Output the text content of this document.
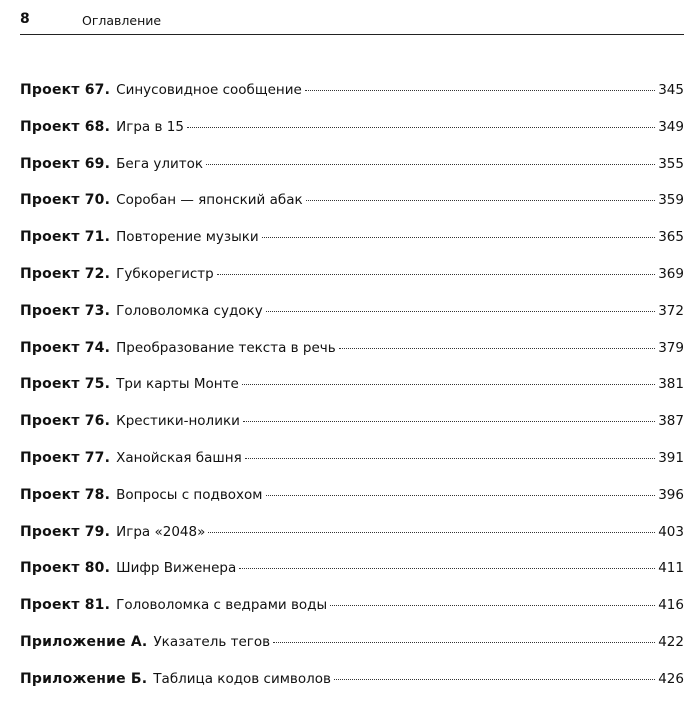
8	Оглавление
Проект 67. Синусовидное сообщение	345
Проект 68. Игра в 15	349
Проект 69. Бега улиток	355
Проект 70. Соробан — японский абак	359
Проект 71. Повторение музыки	365
Проект 72. Губкорегистр	369
Проект 73. Головоломка судоку	372
Проект 74. Преобразование текста в речь	379
Проект 75. Три карты Монте	381
Проект 76. Крестики-нолики	387
Проект 77. Ханойская башня	391
Проект 78. Вопросы с подвохом	396
Проект 79. Игра «2048»	403
Проект 80. Шифр Виженера	411
Проект 81. Головоломка с ведрами воды	416
Приложение А. Указатель тегов	422
Приложение Б. Таблица кодов символов	426
